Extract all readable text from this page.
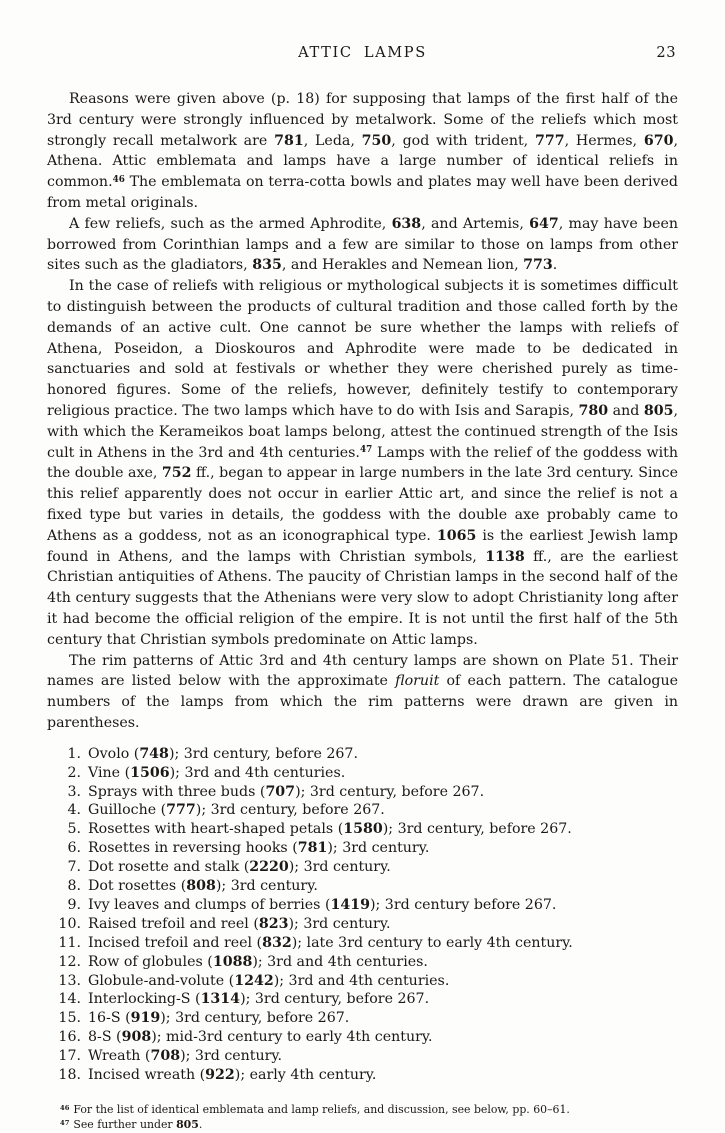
ATTIC LAMPS	23

Reasons were given above (p. 18) for supposing that lamps of the first half of the 3rd century were strongly influenced by metalwork. Some of the reliefs which most strongly recall metalwork are 781, Leda, 750, god with trident, 777, Hermes, 670, Athena. Attic emblemata and lamps have a large number of identical reliefs in common.$^{46}$ The emblemata on terra-cotta bowls and plates may well have been derived from metal originals.

A few reliefs, such as the armed Aphrodite, 638, and Artemis, 647, may have been borrowed from Corinthian lamps and a few are similar to those on lamps from other sites such as the gladiators, 835, and Herakles and Nemean lion, 773.

In the case of reliefs with religious or mythological subjects it is sometimes difficult to distinguish between the products of cultural tradition and those called forth by the demands of an active cult. One cannot be sure whether the lamps with reliefs of Athena, Poseidon, a Dioskouros and Aphrodite were made to be dedicated in sanctuaries and sold at festivals or whether they were cherished purely as time-honored figures. Some of the reliefs, however, definitely testify to contemporary religious practice. The two lamps which have to do with Isis and Sarapis, 780 and 805, with which the Kerameikos boat lamps belong, attest the continued strength of the Isis cult in Athens in the 3rd and 4th centuries.$^{47}$ Lamps with the relief of the goddess with the double axe, 752 ff., began to appear in large numbers in the late 3rd century. Since this relief apparently does not occur in earlier Attic art, and since the relief is not a fixed type but varies in details, the goddess with the double axe probably came to Athens as a goddess, not as an iconographical type. 1065 is the earliest Jewish lamp found in Athens, and the lamps with Christian symbols, 1138 ff., are the earliest Christian antiquities of Athens. The paucity of Christian lamps in the second half of the 4th century suggests that the Athenians were very slow to adopt Christianity long after it had become the official religion of the empire. It is not until the first half of the 5th century that Christian symbols predominate on Attic lamps.

The rim patterns of Attic 3rd and 4th century lamps are shown on Plate 51. Their names are listed below with the approximate floruit of each pattern. The catalogue numbers of the lamps from which the rim patterns were drawn are given in parentheses.

1. Ovolo (748); 3rd century, before 267.
2. Vine (1506); 3rd and 4th centuries.
3. Sprays with three buds (707); 3rd century, before 267.
4. Guilloche (777); 3rd century, before 267.
5. Rosettes with heart-shaped petals (1580); 3rd century, before 267.
6. Rosettes in reversing hooks (781); 3rd century.
7. Dot rosette and stalk (2220); 3rd century.
8. Dot rosettes (808); 3rd century.
9. Ivy leaves and clumps of berries (1419); 3rd century before 267.
10. Raised trefoil and reel (823); 3rd century.
11. Incised trefoil and reel (832); late 3rd century to early 4th century.
12. Row of globules (1088); 3rd and 4th centuries.
13. Globule-and-volute (1242); 3rd and 4th centuries.
14. Interlocking-S (1314); 3rd century, before 267.
15. 16-S (919); 3rd century, before 267.
16. 8-S (908); mid-3rd century to early 4th century.
17. Wreath (708); 3rd century.
18. Incised wreath (922); early 4th century.

$^{46}$ For the list of identical emblemata and lamp reliefs, and discussion, see below, pp. 60–61.

$^{47}$ See further under 805.
